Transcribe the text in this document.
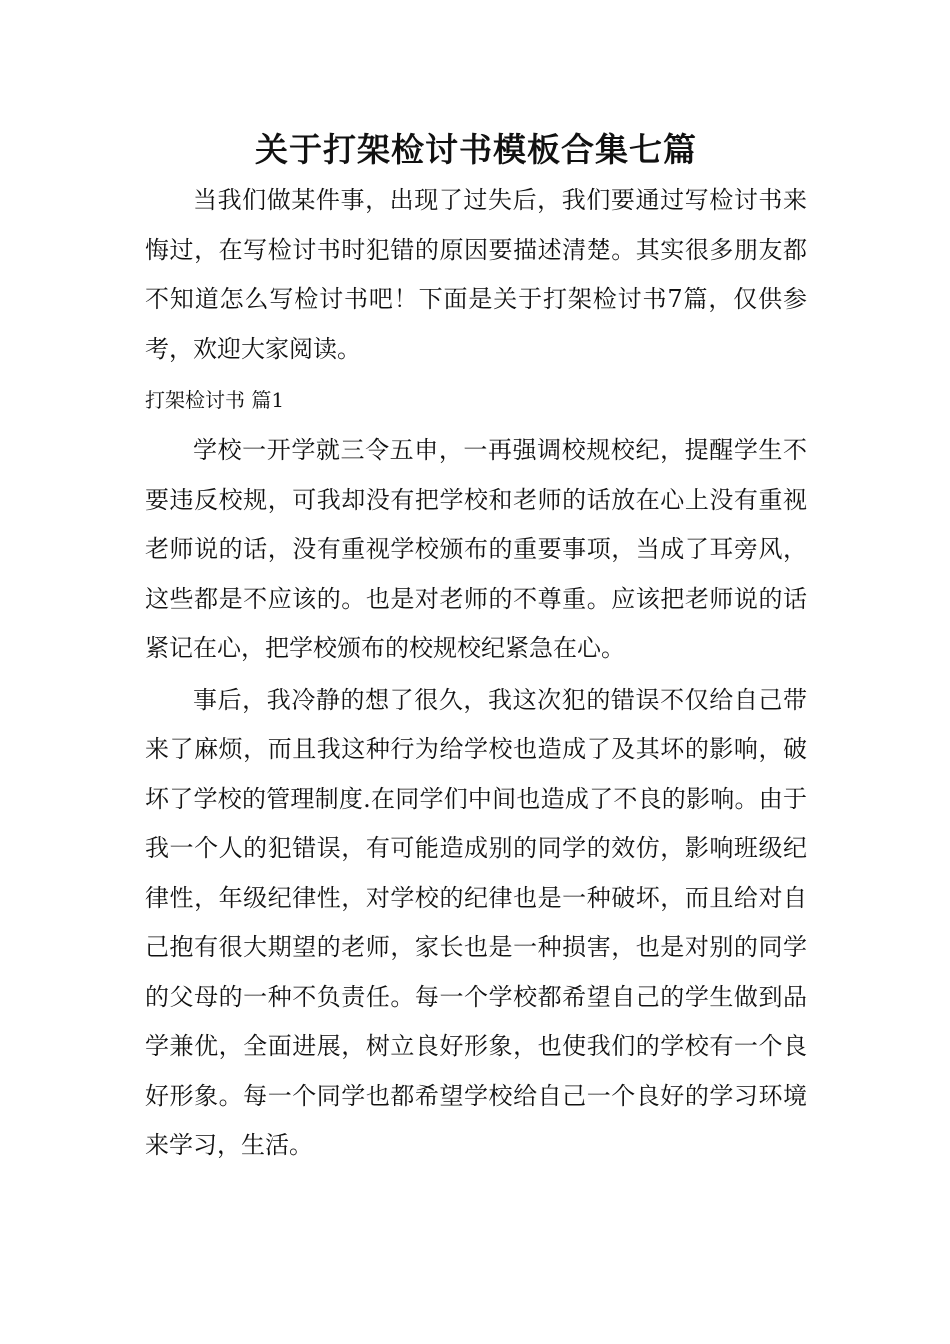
关于打架检讨书模板合集七篇

当我们做某件事，出现了过失后，我们要通过写检讨书来悔过，在写检讨书时犯错的原因要描述清楚。其实很多朋友都不知道怎么写检讨书吧！下面是关于打架检讨书7篇，仅供参考，欢迎大家阅读。

打架检讨书 篇1

学校一开学就三令五申，一再强调校规校纪，提醒学生不要违反校规，可我却没有把学校和老师的话放在心上没有重视老师说的话，没有重视学校颁布的重要事项，当成了耳旁风，这些都是不应该的。也是对老师的不尊重。应该把老师说的话紧记在心，把学校颁布的校规校纪紧急在心。

事后，我冷静的想了很久，我这次犯的错误不仅给自己带来了麻烦，而且我这种行为给学校也造成了及其坏的影响，破坏了学校的管理制度.在同学们中间也造成了不良的影响。由于我一个人的犯错误，有可能造成别的同学的效仿，影响班级纪律性，年级纪律性，对学校的纪律也是一种破坏，而且给对自己抱有很大期望的老师，家长也是一种损害，也是对别的同学的父母的一种不负责任。每一个学校都希望自己的学生做到品学兼优，全面进展，树立良好形象，也使我们的学校有一个良好形象。每一个同学也都希望学校给自己一个良好的学习环境来学习，生活。
